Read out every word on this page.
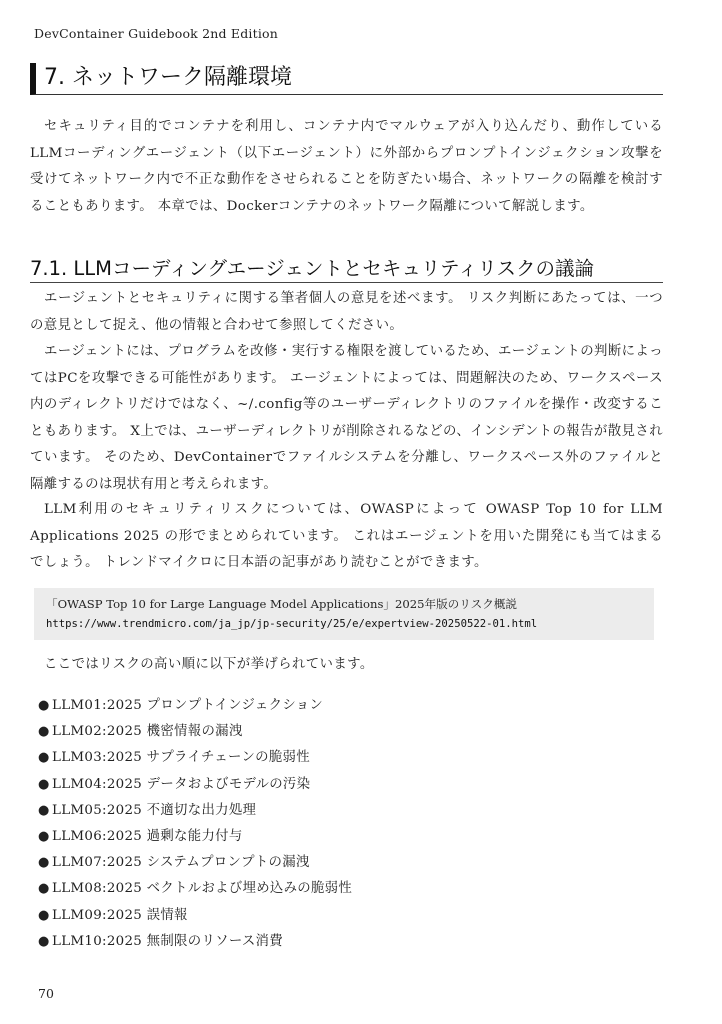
DevContainer Guidebook 2nd Edition
7. ネットワーク隔離環境

セキュリティ目的でコンテナを利用し、コンテナ内でマルウェアが入り込んだり、動作しているLLMコーディングエージェント（以下エージェント）に外部からプロンプトインジェクション攻撃を受けてネットワーク内で不正な動作をさせられることを防ぎたい場合、ネットワークの隔離を検討することもあります。 本章では、Dockerコンテナのネットワーク隔離について解説します。

7.1. LLMコーディングエージェントとセキュリティリスクの議論

エージェントとセキュリティに関する筆者個人の意見を述べます。 リスク判断にあたっては、一つの意見として捉え、他の情報と合わせて参照してください。

エージェントには、プログラムを改修・実行する権限を渡しているため、エージェントの判断によってはPCを攻撃できる可能性があります。 エージェントによっては、問題解決のため、ワークスペース内のディレクトリだけではなく、~/.config等のユーザーディレクトリのファイルを操作・改変することもあります。 X上では、ユーザーディレクトリが削除されるなどの、インシデントの報告が散見されています。 そのため、DevContainerでファイルシステムを分離し、ワークスペース外のファイルと隔離するのは現状有用と考えられます。

LLM利用のセキュリティリスクについては、OWASPによって OWASP Top 10 for LLM Applications 2025 の形でまとめられています。 これはエージェントを用いた開発にも当てはまるでしょう。 トレンドマイクロに日本語の記事があり読むことができます。

「OWASP Top 10 for Large Language Model Applications」2025年版のリスク概説
https://www.trendmicro.com/ja_jp/jp-security/25/e/expertview-20250522-01.html

ここではリスクの高い順に以下が挙げられています。

● LLM01:2025 プロンプトインジェクション
● LLM02:2025 機密情報の漏洩
● LLM03:2025 サプライチェーンの脆弱性
● LLM04:2025 データおよびモデルの汚染
● LLM05:2025 不適切な出力処理
● LLM06:2025 過剰な能力付与
● LLM07:2025 システムプロンプトの漏洩
● LLM08:2025 ベクトルおよび埋め込みの脆弱性
● LLM09:2025 誤情報
● LLM10:2025 無制限のリソース消費
70
